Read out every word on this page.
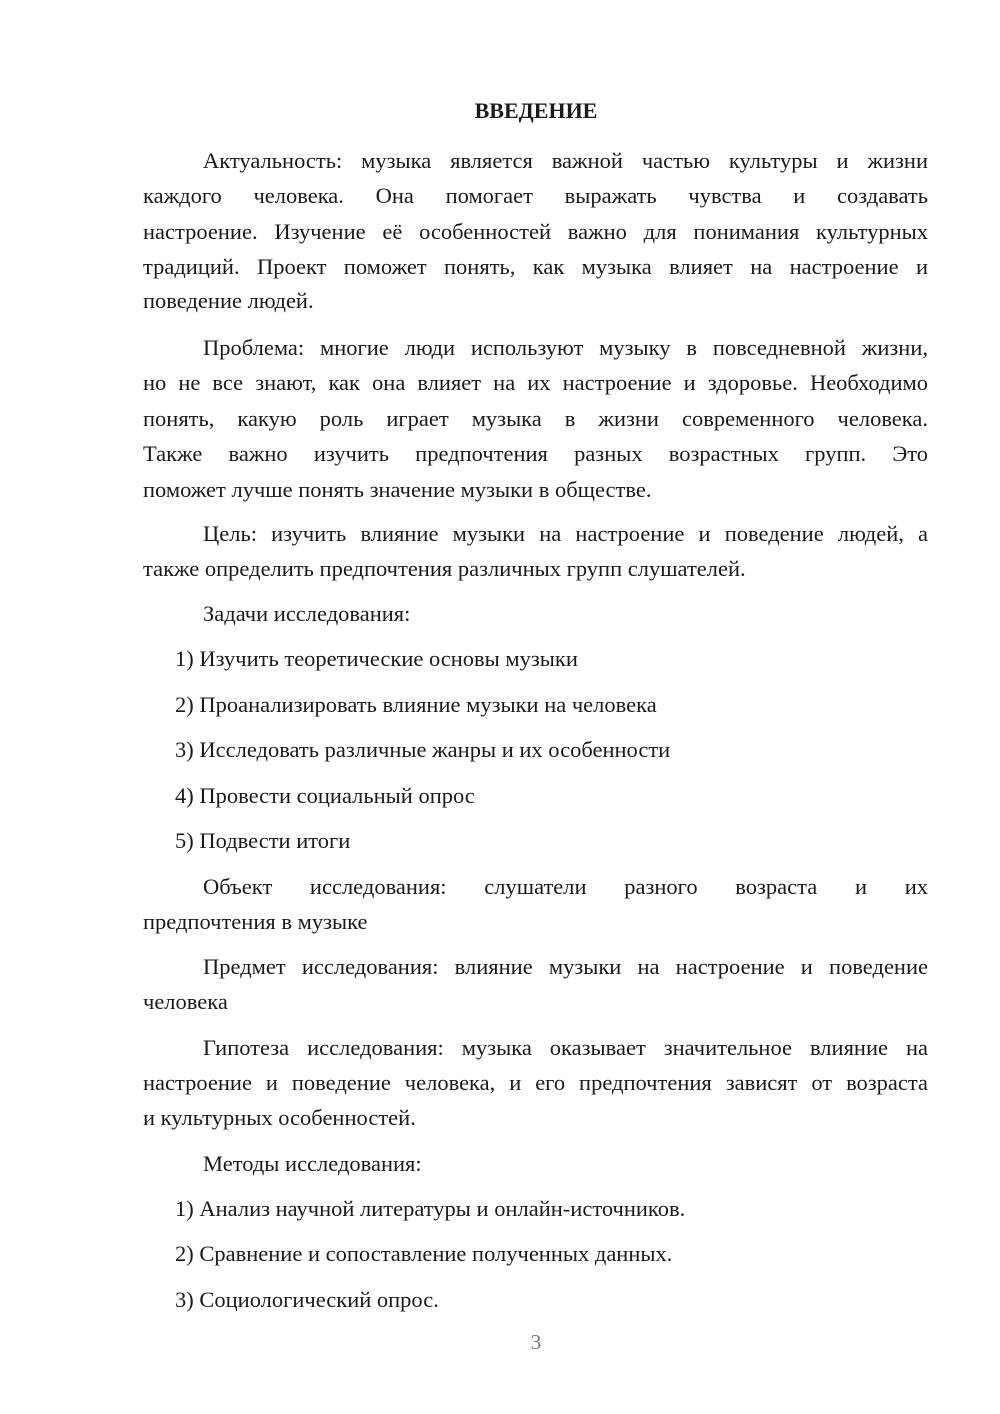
ВВЕДЕНИЕ
Актуальность: музыка является важной частью культуры и жизни
каждого человека. Она помогает выражать чувства и создавать
настроение. Изучение её особенностей важно для понимания культурных
традиций. Проект поможет понять, как музыка влияет на настроение и
поведение людей.
Проблема: многие люди используют музыку в повседневной жизни,
но не все знают, как она влияет на их настроение и здоровье. Необходимо
понять, какую роль играет музыка в жизни современного человека.
Также важно изучить предпочтения разных возрастных групп. Это
поможет лучше понять значение музыки в обществе.
Цель: изучить влияние музыки на настроение и поведение людей, а
также определить предпочтения различных групп слушателей.
Задачи исследования:
1) Изучить теоретические основы музыки
2) Проанализировать влияние музыки на человека
3) Исследовать различные жанры и их особенности
4) Провести социальный опрос
5) Подвести итоги
Объект исследования: слушатели разного возраста и их
предпочтения в музыке
Предмет исследования: влияние музыки на настроение и поведение
человека
Гипотеза исследования: музыка оказывает значительное влияние на
настроение и поведение человека, и его предпочтения зависят от возраста
и культурных особенностей.
Методы исследования:
1) Анализ научной литературы и онлайн-источников.
2) Сравнение и сопоставление полученных данных.
3) Социологический опрос.
3
